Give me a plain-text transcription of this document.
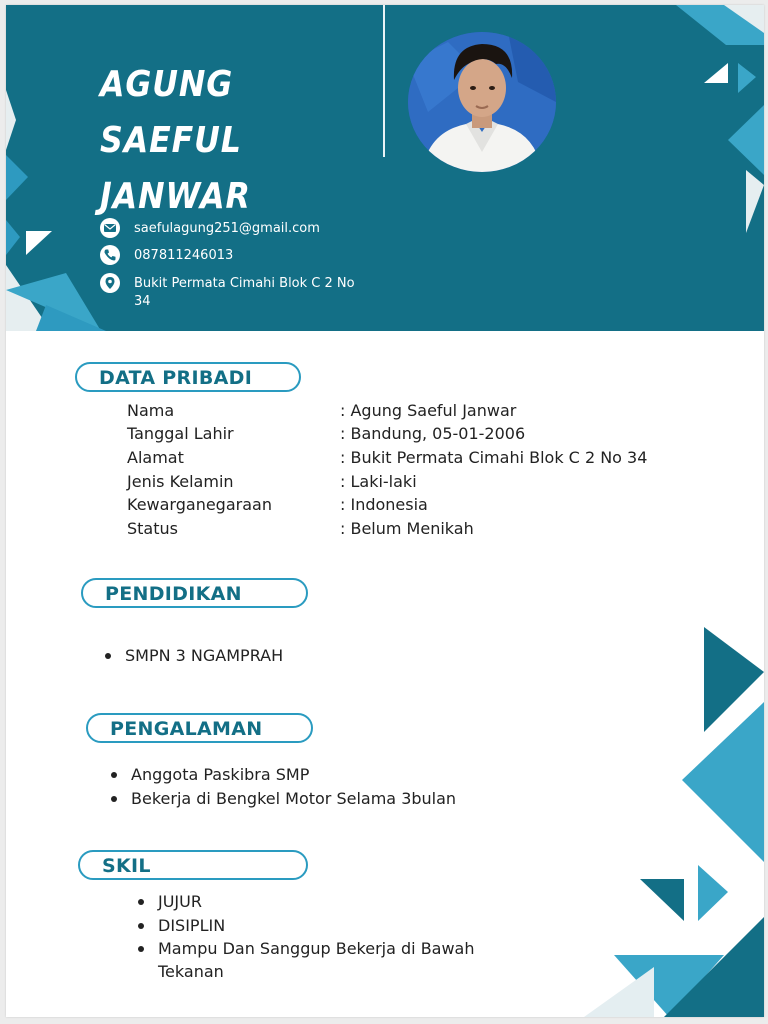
AGUNG SAEFUL
JANWAR
saefulagung251@gmail.com
087811246013
Bukit Permata Cimahi Blok C 2 No
34
DATA PRIBADI
Nama	: Agung Saeful Janwar
Tanggal Lahir	: Bandung, 05-01-2006
Alamat	: Bukit Permata Cimahi Blok C 2 No 34
Jenis Kelamin	: Laki-laki
Kewarganegaraan	: Indonesia
Status	: Belum Menikah
PENDIDIKAN
SMPN 3 NGAMPRAH
PENGALAMAN
Anggota Paskibra SMP
Bekerja di Bengkel Motor Selama 3bulan
SKIL
JUJUR
DISIPLIN
Mampu Dan Sanggup Bekerja di Bawah
Tekanan
